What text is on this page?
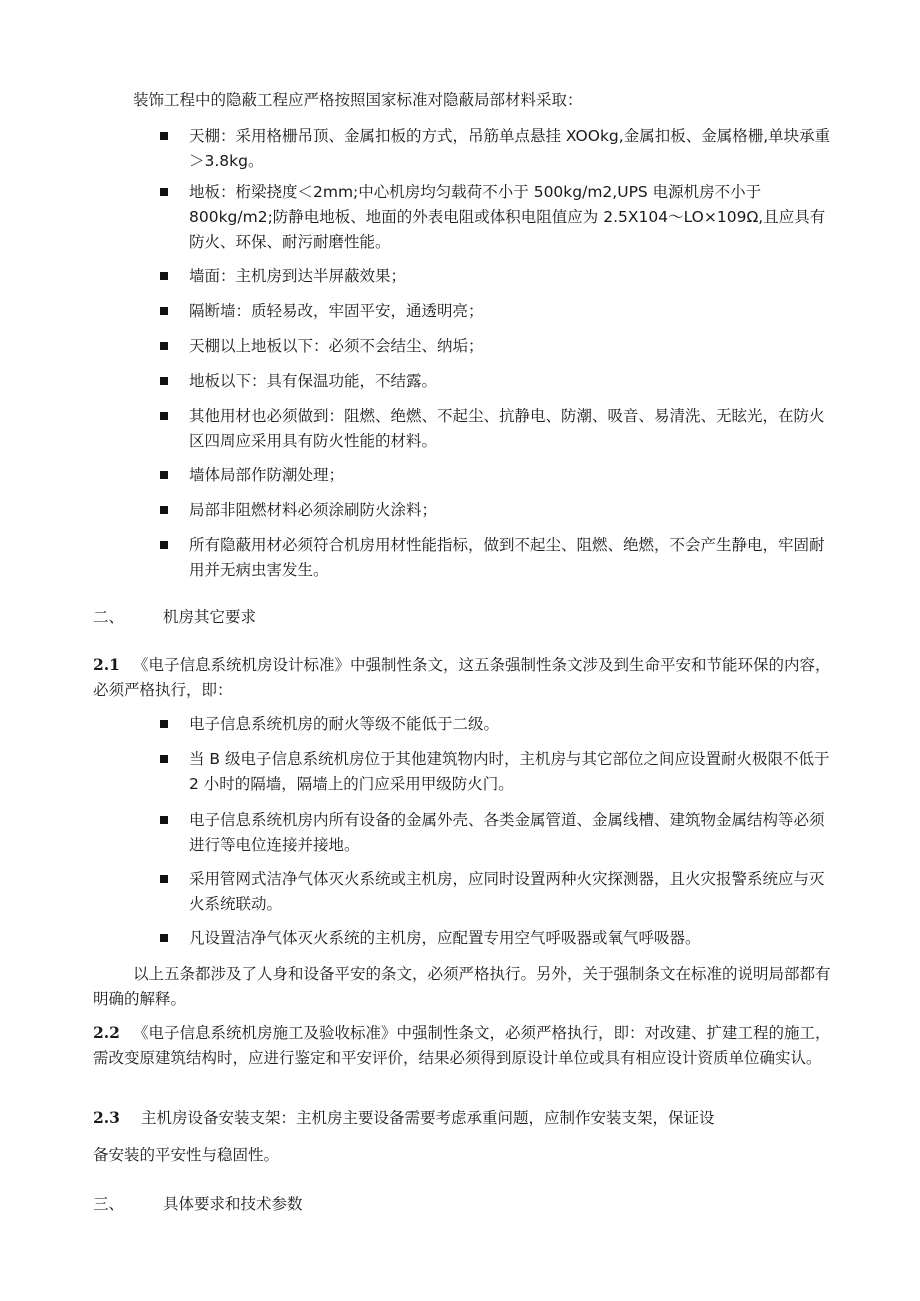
装饰工程中的隐蔽工程应严格按照国家标准对隐蔽局部材料采取：

天棚：采用格栅吊顶、金属扣板的方式，吊筋单点悬挂 XOOkg,金属扣板、金属格栅,单块承重＞3.8kg。

地板：桁梁挠度＜2mm;中心机房均匀载荷不小于 500kg∕m2,UPS 电源机房不小于800kg∕m2;防静电地板、地面的外表电阻或体积电阻值应为 2.5X104～LO×109Ω,且应具有防火、环保、耐污耐磨性能。

墙面：主机房到达半屏蔽效果；

隔断墙：质轻易改，牢固平安，通透明亮；

天棚以上地板以下：必须不会结尘、纳垢；

地板以下：具有保温功能，不结露。

其他用材也必须做到：阻燃、绝燃、不起尘、抗静电、防潮、吸音、易清洗、无眩光，在防火区四周应采用具有防火性能的材料。

墙体局部作防潮处理；

局部非阻燃材料必须涂刷防火涂料；

所有隐蔽用材必须符合机房用材性能指标，做到不起尘、阻燃、绝燃，不会产生静电，牢固耐用并无病虫害发生。

二、	机房其它要求

2.1 《电子信息系统机房设计标准》中强制性条文，这五条强制性条文涉及到生命平安和节能环保的内容，必须严格执行，即：

电子信息系统机房的耐火等级不能低于二级。

当 B 级电子信息系统机房位于其他建筑物内时，主机房与其它部位之间应设置耐火极限不低于 2 小时的隔墙，隔墙上的门应采用甲级防火门。

电子信息系统机房内所有设备的金属外壳、各类金属管道、金属线槽、建筑物金属结构等必须进行等电位连接并接地。

采用管网式洁净气体灭火系统或主机房，应同时设置两种火灾探测器，且火灾报警系统应与灭火系统联动。

凡设置洁净气体灭火系统的主机房，应配置专用空气呼吸器或氧气呼吸器。

以上五条都涉及了人身和设备平安的条文，必须严格执行。另外，关于强制条文在标准的说明局部都有明确的解释。

2.2 《电子信息系统机房施工及验收标准》中强制性条文，必须严格执行，即：对改建、扩建工程的施工，需改变原建筑结构时，应进行鉴定和平安评价，结果必须得到原设计单位或具有相应设计资质单位确实认。

2.3 主机房设备安装支架：主机房主要设备需要考虑承重问题，应制作安装支架，保证设
备安装的平安性与稳固性。
三、	具体要求和技术参数
